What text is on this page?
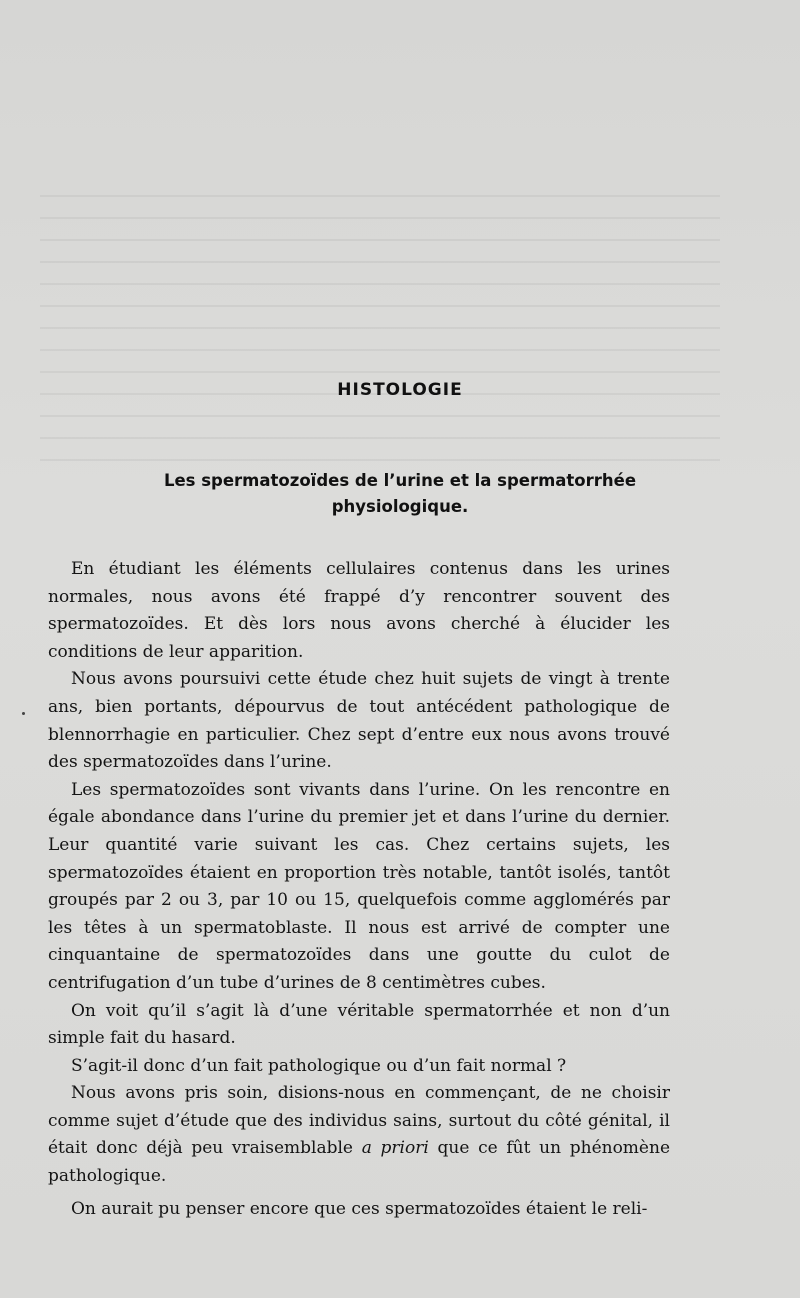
HISTOLOGIE
Les spermatozoïdes de l’urine et la spermatorrhée
physiologique.

En étudiant les éléments cellulaires contenus dans les urines normales, nous avons été frappé d’y rencontrer souvent des spermatozoïdes. Et dès lors nous avons cherché à élucider les conditions de leur apparition.

Nous avons poursuivi cette étude chez huit sujets de vingt à trente ans, bien portants, dépourvus de tout antécédent pathologique de blennorrhagie en particulier. Chez sept d’entre eux nous avons trouvé des spermatozoïdes dans l’urine.

Les spermatozoïdes sont vivants dans l’urine. On les rencontre en égale abondance dans l’urine du premier jet et dans l’urine du dernier. Leur quantité varie suivant les cas. Chez certains sujets, les spermatozoïdes étaient en proportion très notable, tantôt isolés, tantôt groupés par 2 ou 3, par 10 ou 15, quelquefois comme agglomérés par les têtes à un spermatoblaste. Il nous est arrivé de compter une cinquantaine de spermatozoïdes dans une goutte du culot de centrifugation d’un tube d’urines de 8 centimètres cubes.

On voit qu’il s’agit là d’une véritable spermatorrhée et non d’un simple fait du hasard.

S’agit-il donc d’un fait pathologique ou d’un fait normal ?

Nous avons pris soin, disions-nous en commençant, de ne choisir comme sujet d’étude que des individus sains, surtout du côté génital, il était donc déjà peu vraisemblable a priori que ce fût un phénomène pathologique.

On aurait pu penser encore que ces spermatozoïdes étaient le reli-
